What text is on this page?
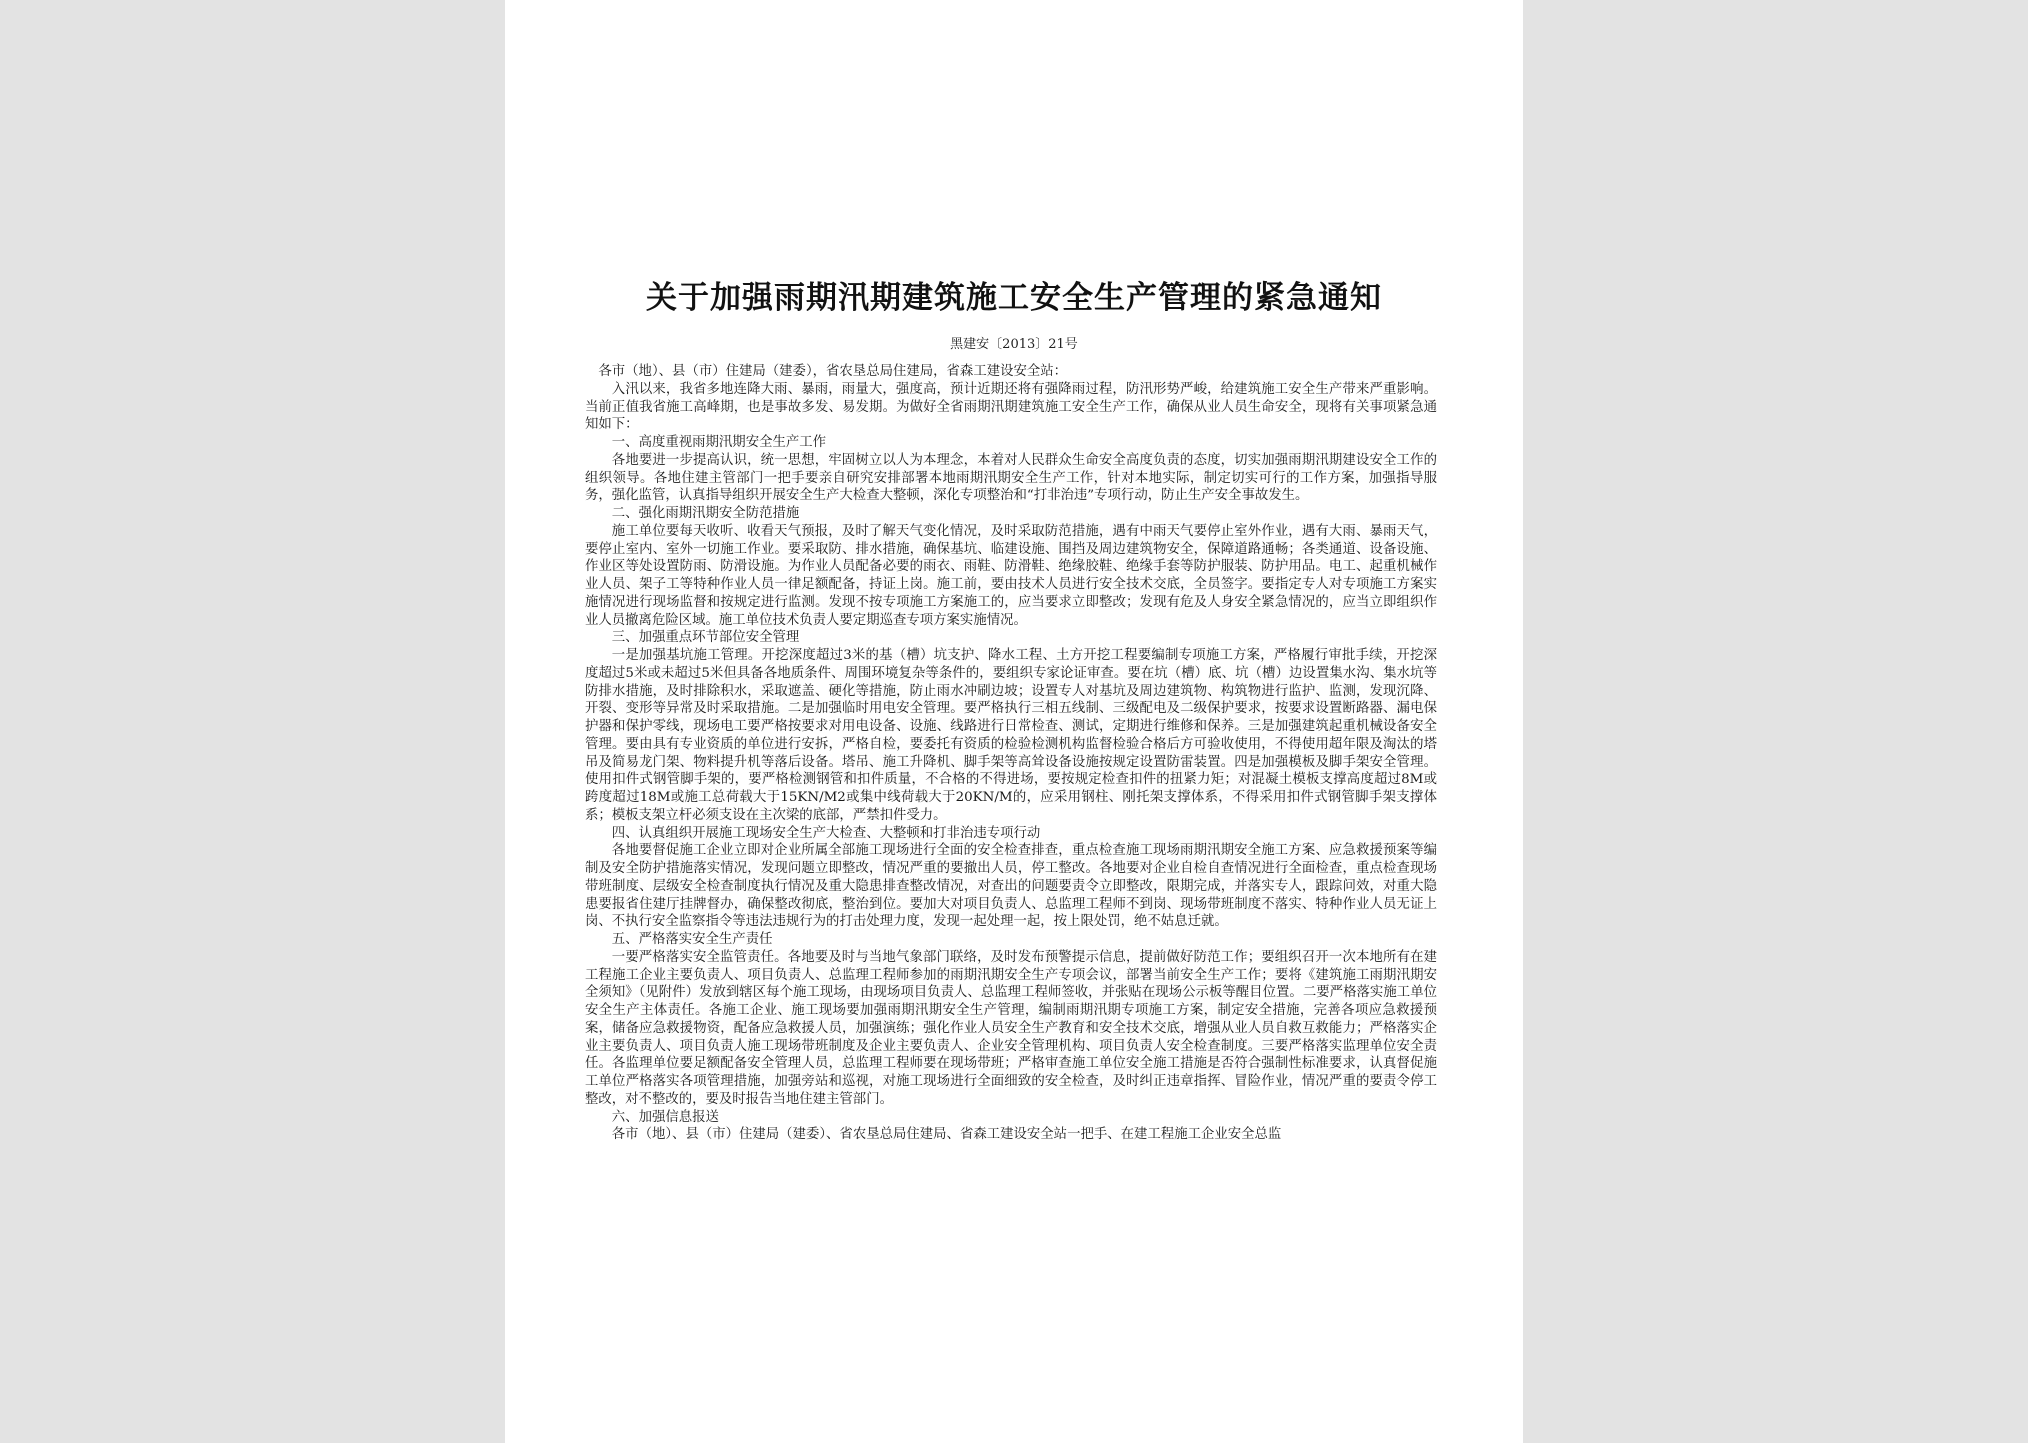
关于加强雨期汛期建筑施工安全生产管理的紧急通知
黑建安〔2013〕21号

各市（地）、县（市）住建局（建委），省农垦总局住建局，省森工建设安全站：

入汛以来，我省多地连降大雨、暴雨，雨量大，强度高，预计近期还将有强降雨过程，防汛形势严峻，给建筑施工安全生产带来严重影响。当前正值我省施工高峰期，也是事故多发、易发期。为做好全省雨期汛期建筑施工安全生产工作，确保从业人员生命安全，现将有关事项紧急通知如下：

一、高度重视雨期汛期安全生产工作

各地要进一步提高认识，统一思想，牢固树立以人为本理念，本着对人民群众生命安全高度负责的态度，切实加强雨期汛期建设安全工作的组织领导。各地住建主管部门一把手要亲自研究安排部署本地雨期汛期安全生产工作，针对本地实际，制定切实可行的工作方案，加强指导服务，强化监管，认真指导组织开展安全生产大检查大整顿，深化专项整治和“打非治违”专项行动，防止生产安全事故发生。

二、强化雨期汛期安全防范措施

施工单位要每天收听、收看天气预报，及时了解天气变化情况，及时采取防范措施，遇有中雨天气要停止室外作业，遇有大雨、暴雨天气，要停止室内、室外一切施工作业。要采取防、排水措施，确保基坑、临建设施、围挡及周边建筑物安全，保障道路通畅；各类通道、设备设施、作业区等处设置防雨、防滑设施。为作业人员配备必要的雨衣、雨鞋、防滑鞋、绝缘胶鞋、绝缘手套等防护服装、防护用品。电工、起重机械作业人员、架子工等特种作业人员一律足额配备，持证上岗。施工前，要由技术人员进行安全技术交底，全员签字。要指定专人对专项施工方案实施情况进行现场监督和按规定进行监测。发现不按专项施工方案施工的，应当要求立即整改；发现有危及人身安全紧急情况的，应当立即组织作业人员撤离危险区域。施工单位技术负责人要定期巡查专项方案实施情况。

三、加强重点环节部位安全管理

一是加强基坑施工管理。开挖深度超过3米的基（槽）坑支护、降水工程、土方开挖工程要编制专项施工方案，严格履行审批手续，开挖深度超过5米或未超过5米但具备各地质条件、周围环境复杂等条件的，要组织专家论证审查。要在坑（槽）底、坑（槽）边设置集水沟、集水坑等防排水措施，及时排除积水，采取遮盖、硬化等措施，防止雨水冲刷边坡；设置专人对基坑及周边建筑物、构筑物进行监护、监测，发现沉降、开裂、变形等异常及时采取措施。二是加强临时用电安全管理。要严格执行三相五线制、三级配电及二级保护要求，按要求设置断路器、漏电保护器和保护零线，现场电工要严格按要求对用电设备、设施、线路进行日常检查、测试，定期进行维修和保养。三是加强建筑起重机械设备安全管理。要由具有专业资质的单位进行安拆，严格自检，要委托有资质的检验检测机构监督检验合格后方可验收使用，不得使用超年限及淘汰的塔吊及简易龙门架、物料提升机等落后设备。塔吊、施工升降机、脚手架等高耸设备设施按规定设置防雷装置。四是加强模板及脚手架安全管理。使用扣件式钢管脚手架的，要严格检测钢管和扣件质量，不合格的不得进场，要按规定检查扣件的扭紧力矩；对混凝土模板支撑高度超过8M或跨度超过18M或施工总荷载大于15KN/M2或集中线荷载大于20KN/M的，应采用钢柱、刚托架支撑体系，不得采用扣件式钢管脚手架支撑体系；模板支架立杆必须支设在主次梁的底部，严禁扣件受力。

四、认真组织开展施工现场安全生产大检查、大整顿和打非治违专项行动

各地要督促施工企业立即对企业所属全部施工现场进行全面的安全检查排查，重点检查施工现场雨期汛期安全施工方案、应急救援预案等编制及安全防护措施落实情况，发现问题立即整改，情况严重的要撤出人员，停工整改。各地要对企业自检自查情况进行全面检查，重点检查现场带班制度、层级安全检查制度执行情况及重大隐患排查整改情况，对查出的问题要责令立即整改，限期完成，并落实专人，跟踪问效，对重大隐患要报省住建厅挂牌督办，确保整改彻底，整治到位。要加大对项目负责人、总监理工程师不到岗、现场带班制度不落实、特种作业人员无证上岗、不执行安全监察指令等违法违规行为的打击处理力度，发现一起处理一起，按上限处罚，绝不姑息迁就。

五、严格落实安全生产责任

一要严格落实安全监管责任。各地要及时与当地气象部门联络，及时发布预警提示信息，提前做好防范工作；要组织召开一次本地所有在建工程施工企业主要负责人、项目负责人、总监理工程师参加的雨期汛期安全生产专项会议，部署当前安全生产工作；要将《建筑施工雨期汛期安全须知》（见附件）发放到辖区每个施工现场，由现场项目负责人、总监理工程师签收，并张贴在现场公示板等醒目位置。二要严格落实施工单位安全生产主体责任。各施工企业、施工现场要加强雨期汛期安全生产管理，编制雨期汛期专项施工方案，制定安全措施，完善各项应急救援预案，储备应急救援物资，配备应急救援人员，加强演练；强化作业人员安全生产教育和安全技术交底，增强从业人员自救互救能力；严格落实企业主要负责人、项目负责人施工现场带班制度及企业主要负责人、企业安全管理机构、项目负责人安全检查制度。三要严格落实监理单位安全责任。各监理单位要足额配备安全管理人员，总监理工程师要在现场带班；严格审查施工单位安全施工措施是否符合强制性标准要求，认真督促施工单位严格落实各项管理措施，加强旁站和巡视，对施工现场进行全面细致的安全检查，及时纠正违章指挥、冒险作业，情况严重的要责令停工整改，对不整改的，要及时报告当地住建主管部门。

六、加强信息报送

各市（地）、县（市）住建局（建委）、省农垦总局住建局、省森工建设安全站一把手、在建工程施工企业安全总监
